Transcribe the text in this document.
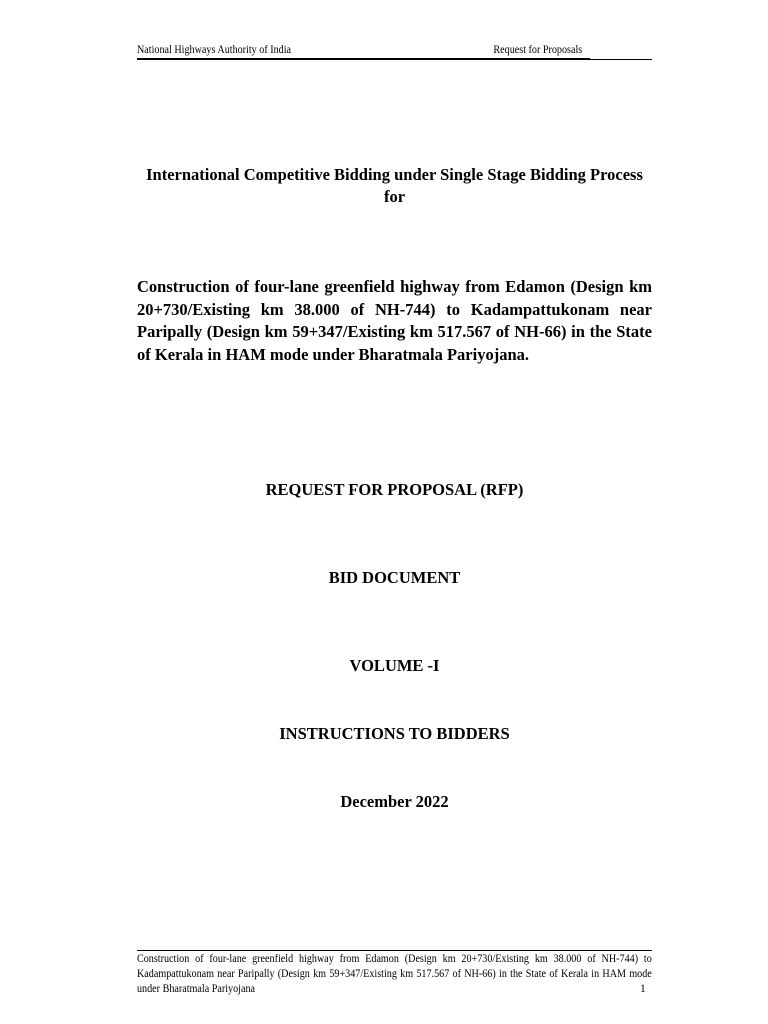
National Highways Authority of India	Request for Proposals
International Competitive Bidding under Single Stage Bidding Process for
Construction of four-lane greenfield highway from Edamon (Design km 20+730/Existing km 38.000 of NH-744) to Kadampattukonam near Paripally (Design km 59+347/Existing km 517.567 of NH-66) in the State of Kerala in HAM mode under Bharatmala Pariyojana.
REQUEST FOR PROPOSAL (RFP)
BID DOCUMENT
VOLUME -I
INSTRUCTIONS TO BIDDERS
December 2022
Construction of four-lane greenfield highway from Edamon (Design km 20+730/Existing km 38.000 of NH-744) to Kadampattukonam near Paripally (Design km 59+347/Existing km 517.567 of NH-66) in the State of Kerala in HAM mode under Bharatmala Pariyojana	1
